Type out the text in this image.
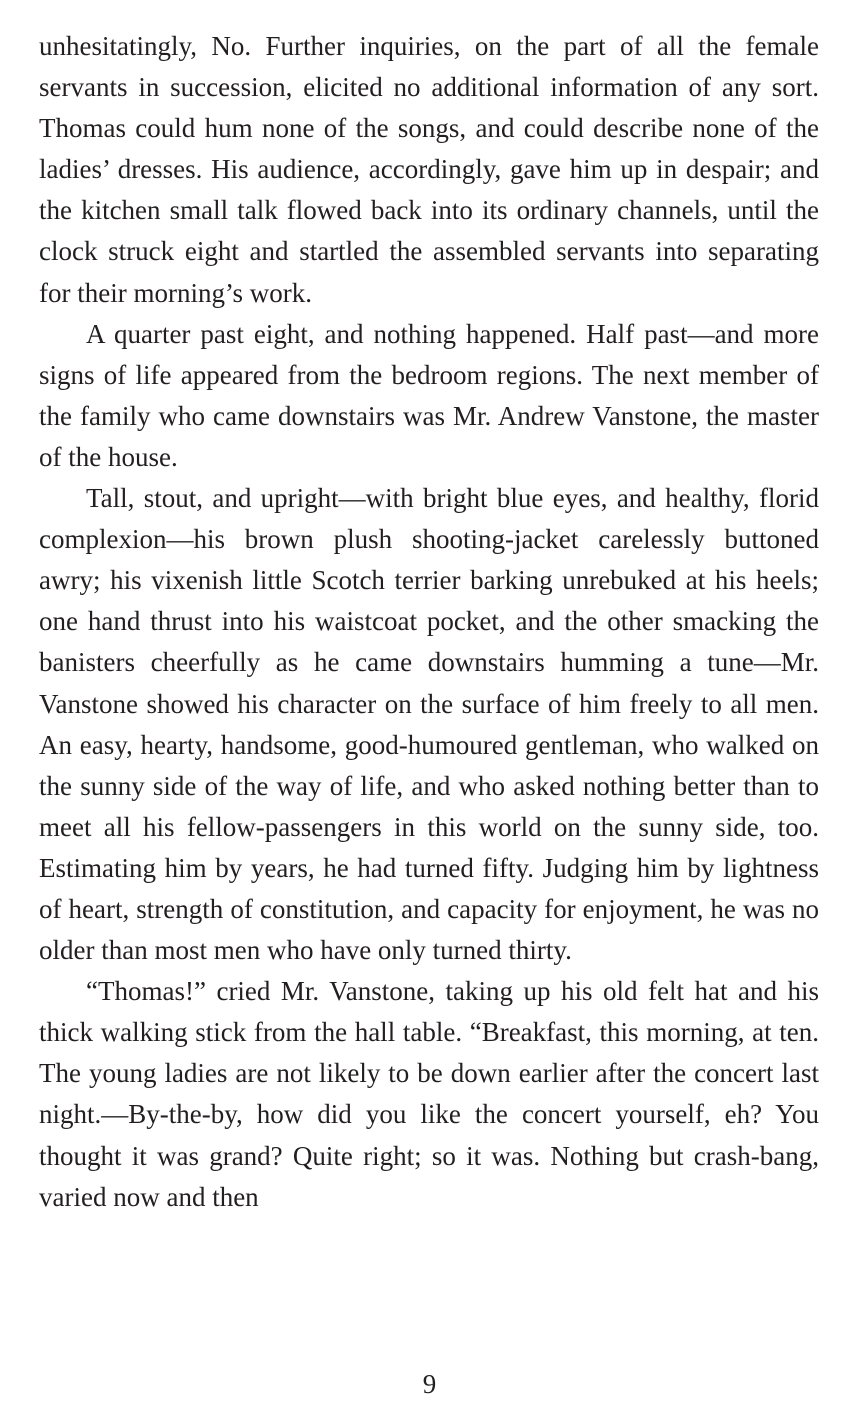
unhesitatingly, No. Further inquiries, on the part of all the female servants in succession, elicited no additional information of any sort. Thomas could hum none of the songs, and could describe none of the ladies’ dresses. His audience, accordingly, gave him up in despair; and the kitchen small talk flowed back into its ordinary channels, until the clock struck eight and startled the assembled servants into separating for their morning’s work.

A quarter past eight, and nothing happened. Half past—and more signs of life appeared from the bedroom regions. The next member of the family who came downstairs was Mr. Andrew Vanstone, the master of the house.

Tall, stout, and upright—with bright blue eyes, and healthy, florid complexion—his brown plush shooting-jacket carelessly buttoned awry; his vixenish little Scotch terrier barking unrebuked at his heels; one hand thrust into his waistcoat pocket, and the other smacking the banisters cheerfully as he came downstairs humming a tune—Mr. Vanstone showed his character on the surface of him freely to all men. An easy, hearty, handsome, good-humoured gentleman, who walked on the sunny side of the way of life, and who asked nothing better than to meet all his fellow-passengers in this world on the sunny side, too. Estimating him by years, he had turned fifty. Judging him by lightness of heart, strength of constitution, and capacity for enjoyment, he was no older than most men who have only turned thirty.

“Thomas!” cried Mr. Vanstone, taking up his old felt hat and his thick walking stick from the hall table. “Breakfast, this morning, at ten. The young ladies are not likely to be down earlier after the concert last night.—By-the-by, how did you like the concert yourself, eh? You thought it was grand? Quite right; so it was. Nothing but crash-bang, varied now and then

9
